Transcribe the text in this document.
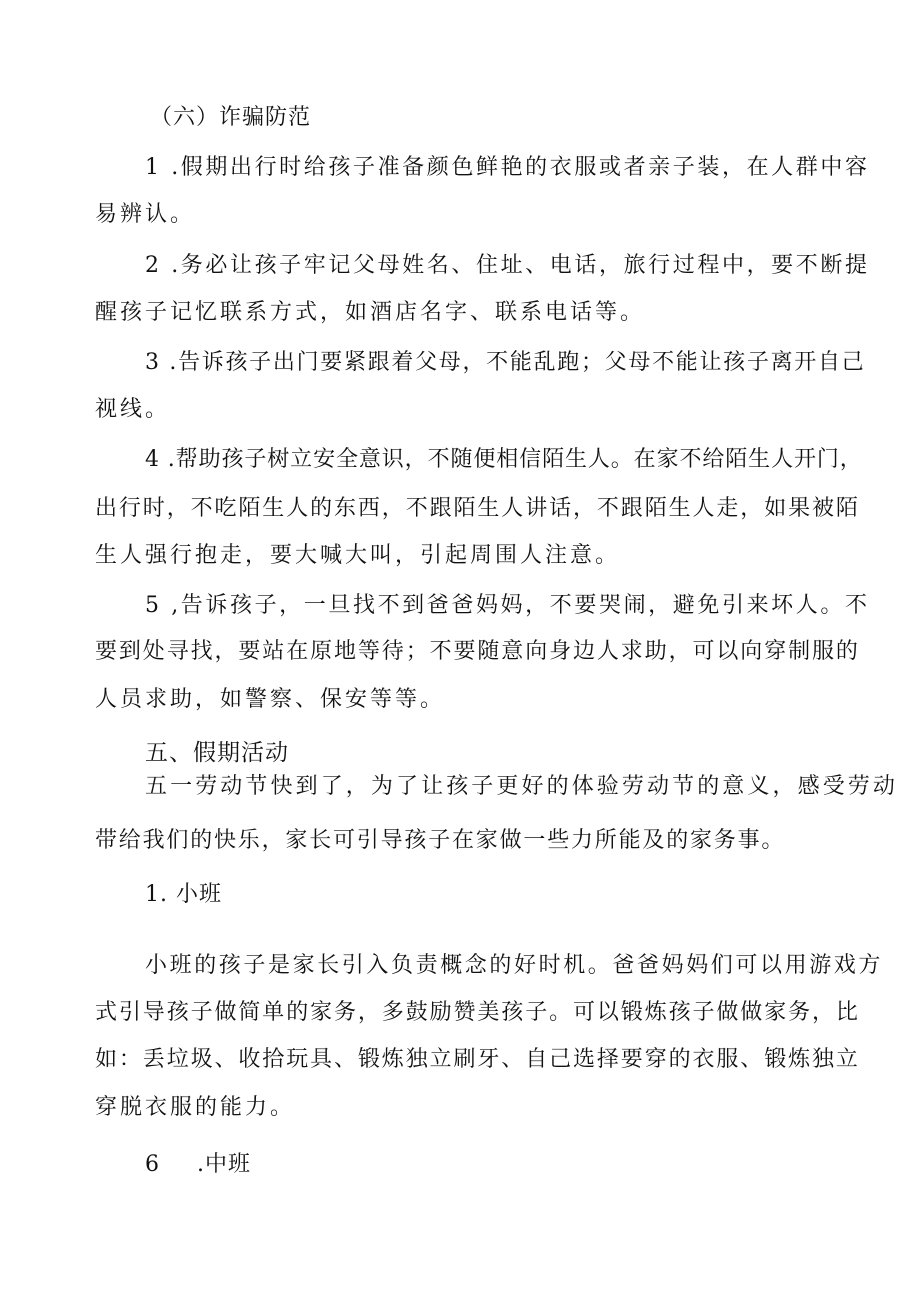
（六）诈骗防范
1 .假期出行时给孩子准备颜色鲜艳的衣服或者亲子装，在人群中容
易辨认。
2 .务必让孩子牢记父母姓名、住址、电话，旅行过程中，要不断提
醒孩子记忆联系方式，如酒店名字、联系电话等。
3 .告诉孩子出门要紧跟着父母，不能乱跑；父母不能让孩子离开自己
视线。
4 .帮助孩子树立安全意识，不随便相信陌生人。在家不给陌生人开门，
出行时，不吃陌生人的东西，不跟陌生人讲话，不跟陌生人走，如果被陌
生人强行抱走，要大喊大叫，引起周围人注意。
5 ,告诉孩子，一旦找不到爸爸妈妈，不要哭闹，避免引来坏人。不
要到处寻找，要站在原地等待；不要随意向身边人求助，可以向穿制服的
人员求助，如警察、保安等等。
五、假期活动
五一劳动节快到了，为了让孩子更好的体验劳动节的意义，感受劳动
带给我们的快乐，家长可引导孩子在家做一些力所能及的家务事。
1. 小班
小班的孩子是家长引入负责概念的好时机。爸爸妈妈们可以用游戏方
式引导孩子做简单的家务，多鼓励赞美孩子。可以锻炼孩子做做家务，比
如：丢垃圾、收拾玩具、锻炼独立刷牙、自己选择要穿的衣服、锻炼独立
穿脱衣服的能力。
6 .中班
